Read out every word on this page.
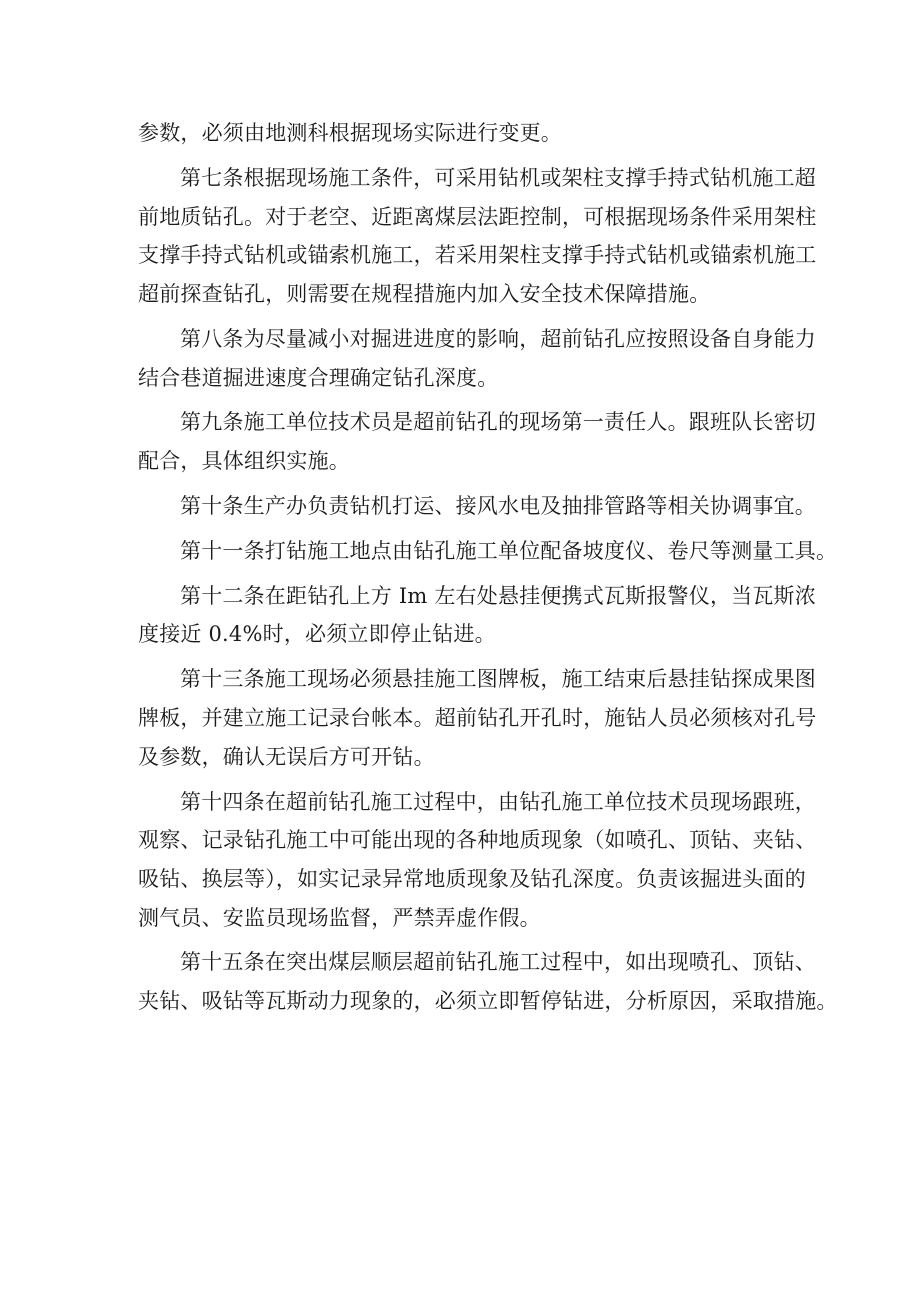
参数，必须由地测科根据现场实际进行变更。
第七条根据现场施工条件，可采用钻机或架柱支撑手持式钻机施工超
前地质钻孔。对于老空、近距离煤层法距控制，可根据现场条件采用架柱
支撑手持式钻机或锚索机施工，若采用架柱支撑手持式钻机或锚索机施工
超前探查钻孔，则需要在规程措施内加入安全技术保障措施。
第八条为尽量减小对掘进进度的影响，超前钻孔应按照设备自身能力
结合巷道掘进速度合理确定钻孔深度。
第九条施工单位技术员是超前钻孔的现场第一责任人。跟班队长密切
配合，具体组织实施。
第十条生产办负责钻机打运、接风水电及抽排管路等相关协调事宜。
第十一条打钻施工地点由钻孔施工单位配备坡度仪、卷尺等测量工具。
第十二条在距钻孔上方 Im 左右处悬挂便携式瓦斯报警仪，当瓦斯浓
度接近 0.4%时，必须立即停止钻进。
第十三条施工现场必须悬挂施工图牌板，施工结束后悬挂钻探成果图
牌板，并建立施工记录台帐本。超前钻孔开孔时，施钻人员必须核对孔号
及参数，确认无误后方可开钻。
第十四条在超前钻孔施工过程中，由钻孔施工单位技术员现场跟班，
观察、记录钻孔施工中可能出现的各种地质现象（如喷孔、顶钻、夹钻、
吸钻、换层等），如实记录异常地质现象及钻孔深度。负责该掘进头面的
测气员、安监员现场监督，严禁弄虚作假。
第十五条在突出煤层顺层超前钻孔施工过程中，如出现喷孔、顶钻、
夹钻、吸钻等瓦斯动力现象的，必须立即暂停钻进，分析原因，采取措施。
